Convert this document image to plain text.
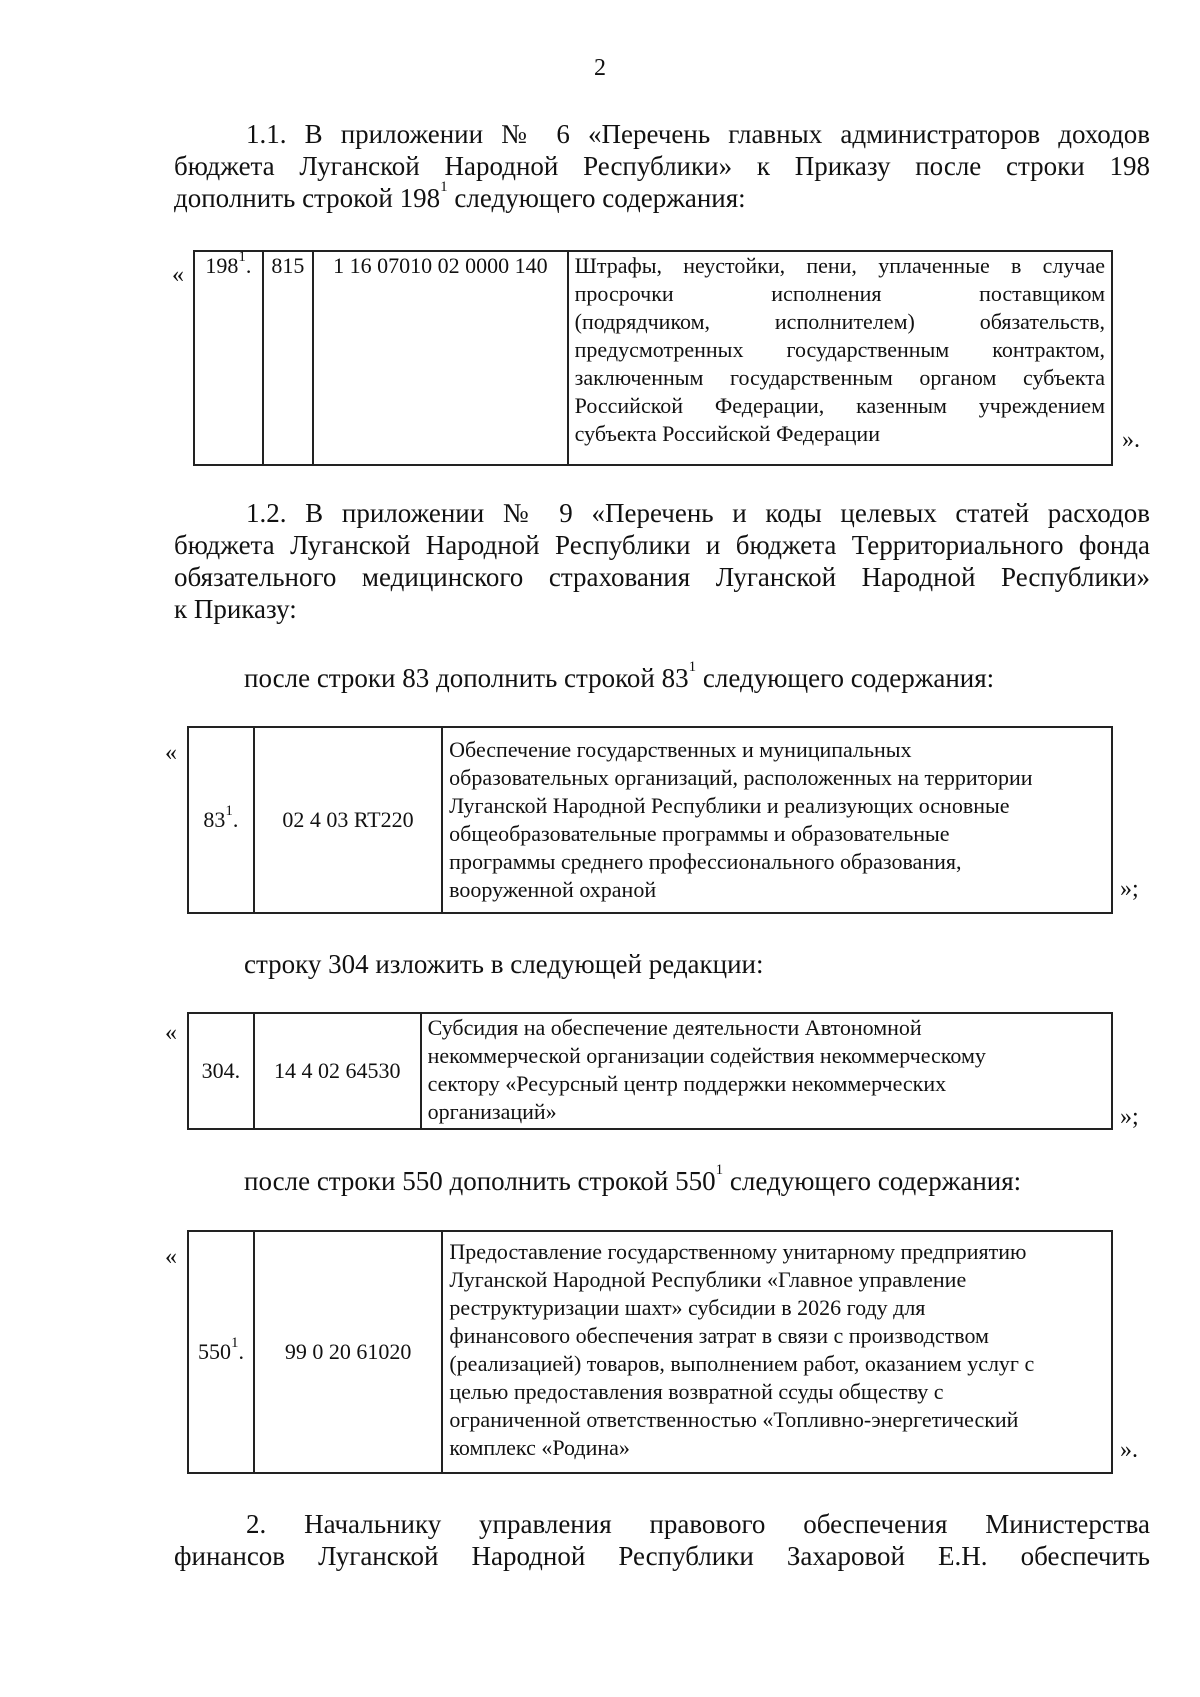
2
1.1. В приложении № 6 «Перечень главных администраторов доходов
бюджета Луганской Народной Республики» к Приказу после строки 198
дополнить строкой $198^1$ следующего содержания:
« $198^1$.	815	1 16 07010 02 0000 140	Штрафы, неустойки, пени, уплаченные в случае
просрочки исполнения поставщиком
(подрядчиком, исполнителем) обязательств,
предусмотренных государственным контрактом,
заключенным государственным органом субъекта
Российской Федерации, казенным учреждением
субъекта Российской Федерации	».
1.2. В приложении № 9 «Перечень и коды целевых статей расходов
бюджета Луганской Народной Республики и бюджета Территориального фонда
обязательного медицинского страхования Луганской Народной Республики»
к Приказу:
после строки 83 дополнить строкой $83^1$ следующего содержания:
«
$83^1$.	02 4 03 RT220	
Обеспечение государственных и муниципальных
образовательных организаций, расположенных на территории
Луганской Народной Республики и реализующих основные
общеобразовательные программы и образовательные
программы среднего профессионального образования,
вооруженной охраной	»;
строку 304 изложить в следующей редакции:
«
304.	14 4 02 64530	
Субсидия на обеспечение деятельности Автономной
некоммерческой организации содействия некоммерческому
сектору «Ресурсный центр поддержки некоммерческих
организаций»	»;
после строки 550 дополнить строкой $550^1$ следующего содержания:
«
$550^1$.	99 0 20 61020	
Предоставление государственному унитарному предприятию
Луганской Народной Республики «Главное управление
реструктуризации шахт» субсидии в 2026 году для
финансового обеспечения затрат в связи с производством
(реализацией) товаров, выполнением работ, оказанием услуг с
целью предоставления возвратной ссуды обществу с
ограниченной ответственностью «Топливно-энергетический
комплекс «Родина»	».
2. Начальнику управления правового обеспечения Министерства
финансов Луганской Народной Республики Захаровой Е.Н. обеспечить
